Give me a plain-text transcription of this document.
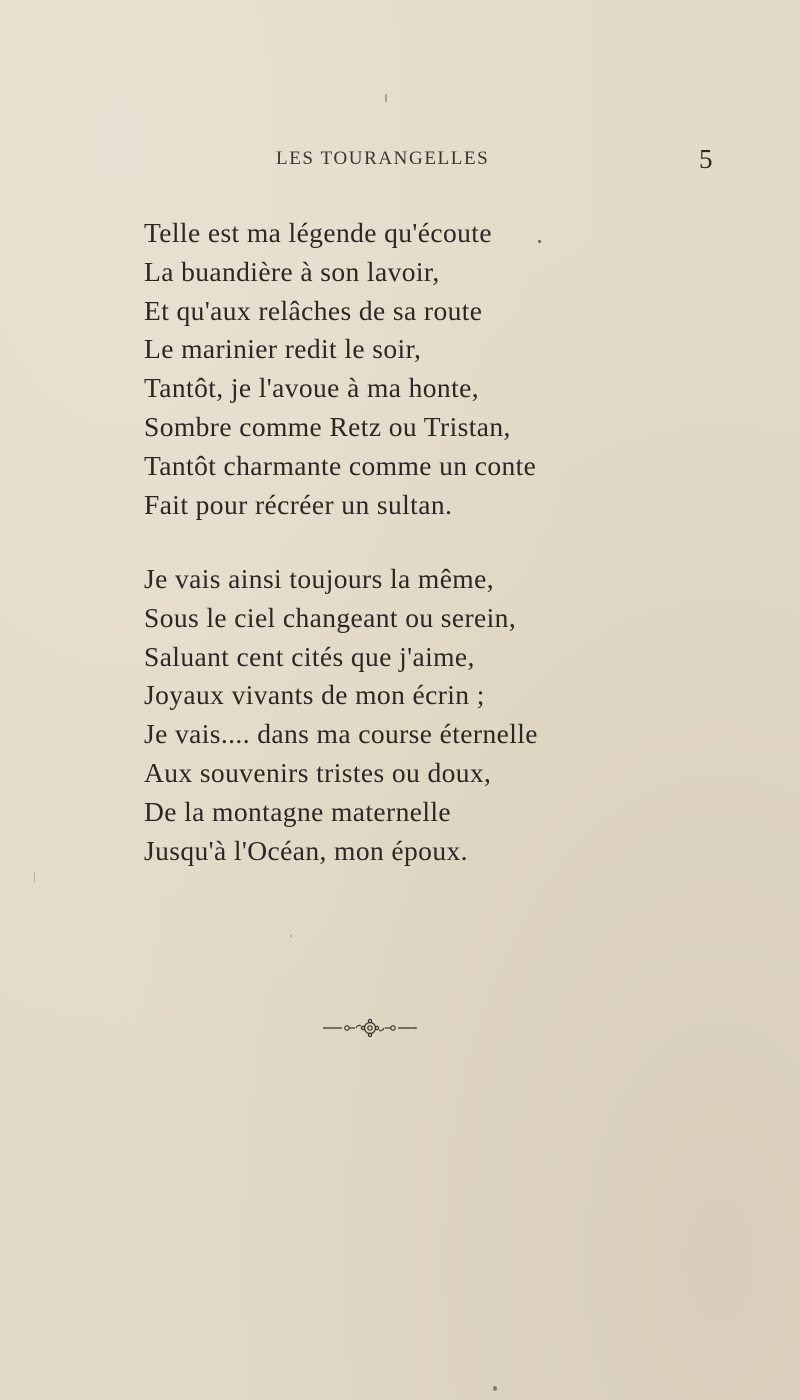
LES TOURANGELLES	5
Telle est ma légende qu'écoute
La buandière à son lavoir,
Et qu'aux relâches de sa route
Le marinier redit le soir,
Tantôt, je l'avoue à ma honte,
Sombre comme Retz ou Tristan,
Tantôt charmante comme un conte
Fait pour récréer un sultan.
Je vais ainsi toujours la même,
Sous le ciel changeant ou serein,
Saluant cent cités que j'aime,
Joyaux vivants de mon écrin ;
Je vais.... dans ma course éternelle
Aux souvenirs tristes ou doux,
De la montagne maternelle
Jusqu'à l'Océan, mon époux.
